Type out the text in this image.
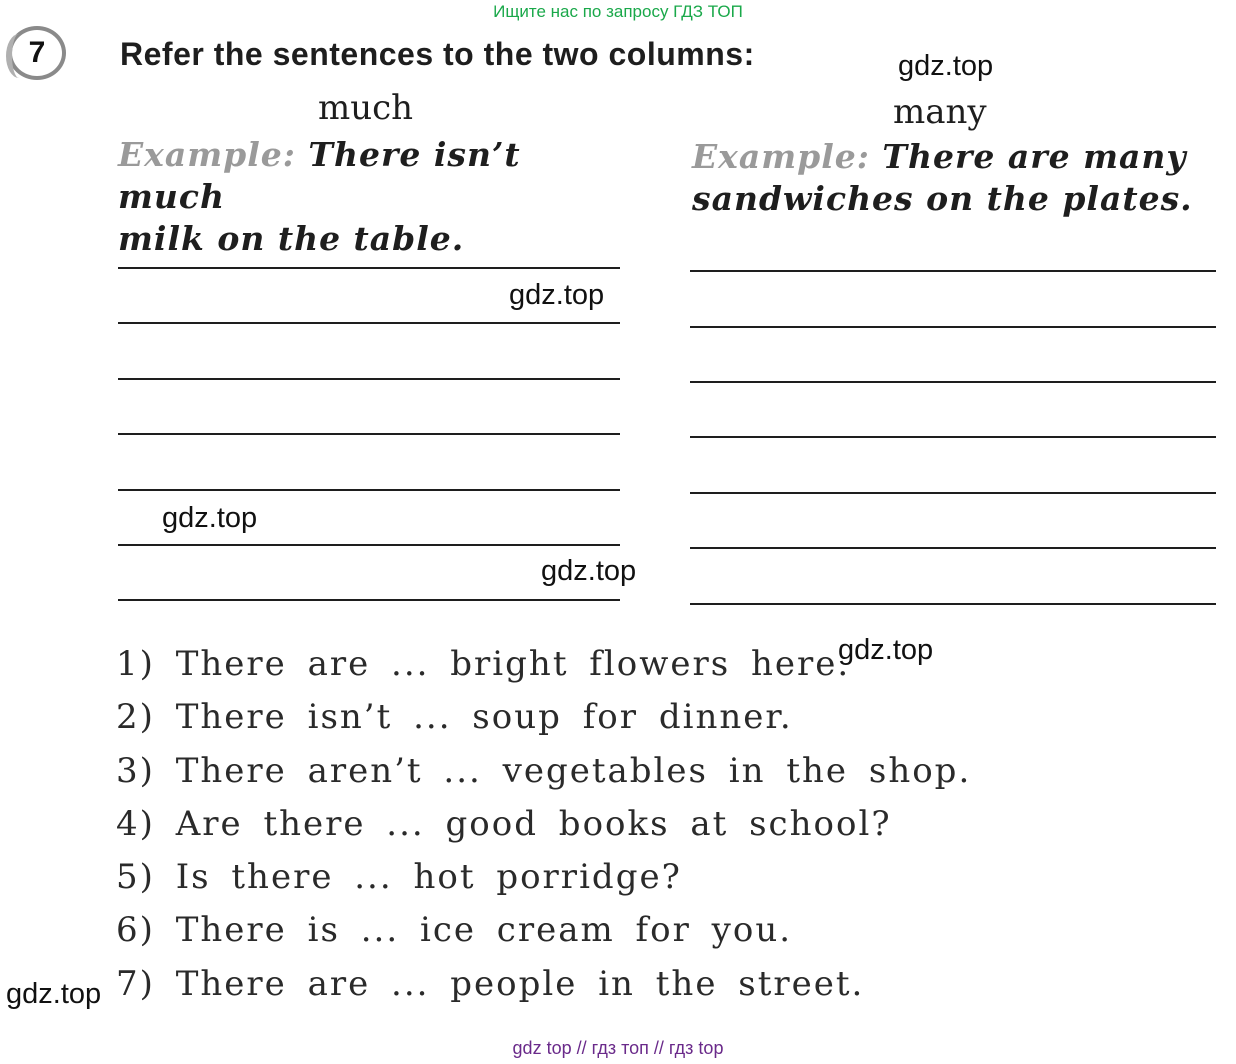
Ищите нас по запросу ГДЗ ТОП
gdz top // гдз топ // гдз top
7 Refer the sentences to the two columns:
much	many
Example: There isn’t much
milk on the table.
Example: There are many
sandwiches on the plates.
1) There are ... bright flowers here.
2) There isn’t ... soup for dinner.
3) There aren’t ... vegetables in the shop.
4) Are there ... good books at school?
5) Is there ... hot porridge?
6) There is ... ice cream for you.
7) There are ... people in the street.
gdz.top
gdz.top
gdz.top
gdz.top
gdz.top
gdz.top
